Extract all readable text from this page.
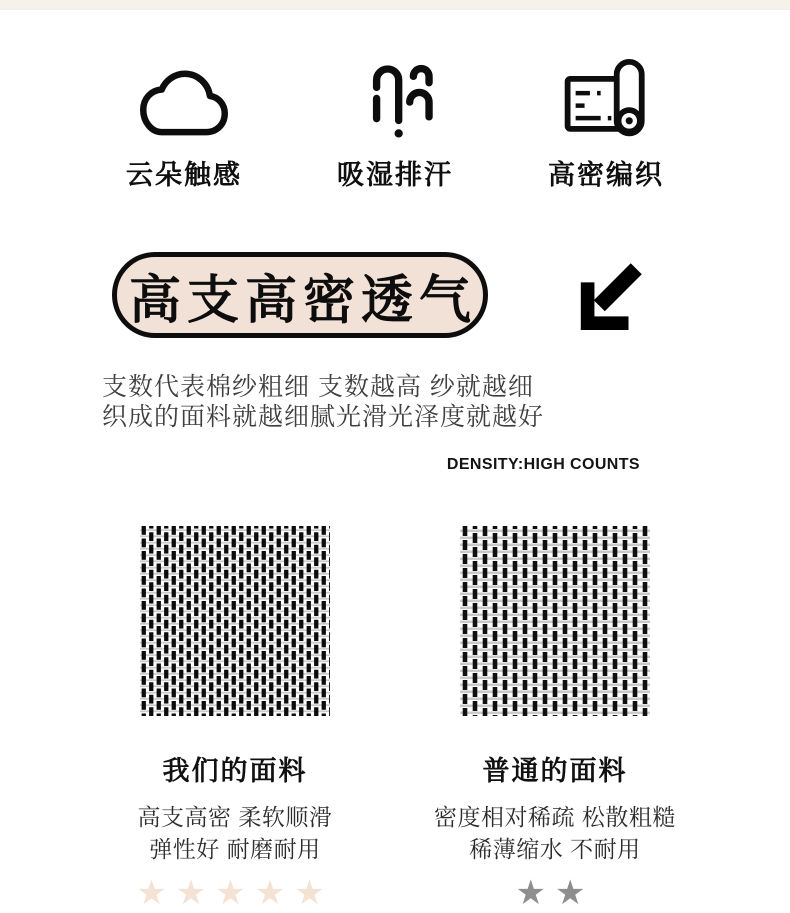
云朵触感	吸湿排汗	高密编织
高支高密透气
支数代表棉纱粗细 支数越高 纱就越细
织成的面料就越细腻光滑光泽度就越好
DENSITY:HIGH COUNTS
我们的面料
高支高密 柔软顺滑
弹性好 耐磨耐用
★★★★★
普通的面料
密度相对稀疏 松散粗糙
稀薄缩水 不耐用
★★
